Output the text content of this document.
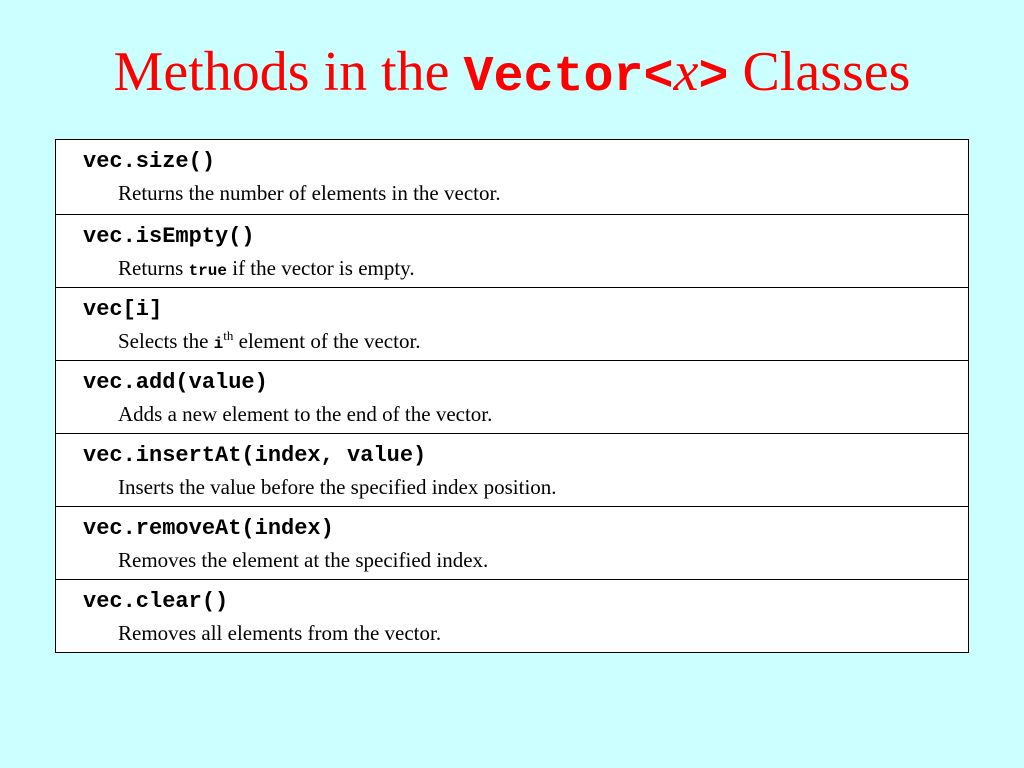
Methods in the Vector<x> Classes
vec.size()
Returns the number of elements in the vector.
vec.isEmpty()
Returns true if the vector is empty.
vec[i]
Selects the $i^{th}$ element of the vector.
vec.add(value)
Adds a new element to the end of the vector.
vec.insertAt(index, value)
Inserts the value before the specified index position.
vec.removeAt(index)
Removes the element at the specified index.
vec.clear()
Removes all elements from the vector.
